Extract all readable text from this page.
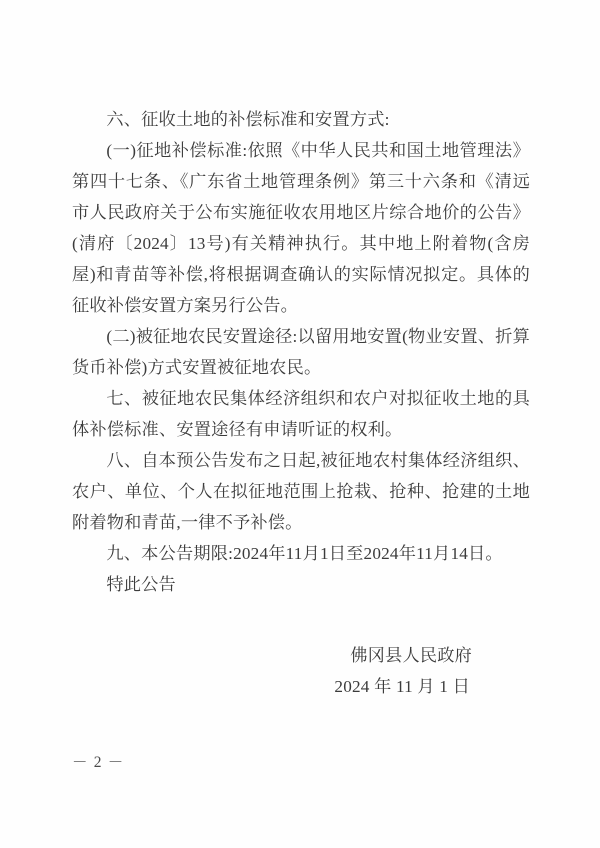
六、征收土地的补偿标准和安置方式:

(一)征地补偿标准:依照《中华人民共和国土地管理法》第四十七条、《广东省土地管理条例》第三十六条和《清远市人民政府关于公布实施征收农用地区片综合地价的公告》(清府〔2024〕13号)有关精神执行。其中地上附着物(含房屋)和青苗等补偿,将根据调查确认的实际情况拟定。具体的征收补偿安置方案另行公告。

(二)被征地农民安置途径:以留用地安置(物业安置、折算货币补偿)方式安置被征地农民。

七、被征地农民集体经济组织和农户对拟征收土地的具体补偿标准、安置途径有申请听证的权利。

八、自本预公告发布之日起,被征地农村集体经济组织、农户、单位、个人在拟征地范围上抢栽、抢种、抢建的土地附着物和青苗,一律不予补偿。

九、本公告期限:2024年11月1日至2024年11月14日。

特此公告

佛冈县人民政府
2024 年 11 月 1 日
－ 2 －
